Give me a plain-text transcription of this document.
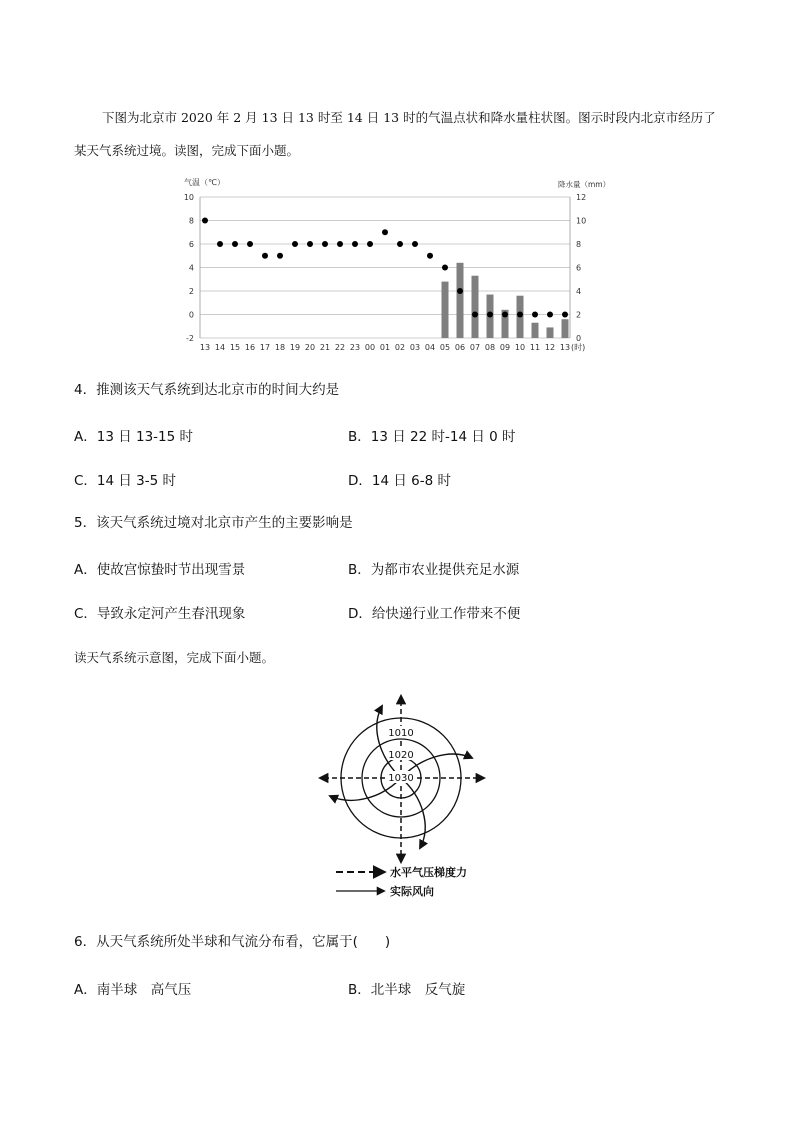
下图为北京市 2020 年 2 月 13 日 13 时至 14 日 13 时的气温点状和降水量柱状图。图示时段内北京市经历了某天气系统过境。读图，完成下面小题。

10
8
6
4
2
0
-2
12
10
8
6
4
2
0
13 14 15 16 17 18 19 20 21 22 23 00 01 02 03 04 05 06 07 08 09 10 11 12 13 (时)
气温（℃）	降水量（mm）

4．推测该天气系统到达北京市的时间大约是

A．13 日 13-15 时	B．13 日 22 时-14 日 0 时
C．14 日 3-5 时	D．14 日 6-8 时

5．该天气系统过境对北京市产生的主要影响是

A．使故宫惊蛰时节出现雪景	B．为都市农业提供充足水源
C．导致永定河产生春汛现象	D．给快递行业工作带来不便

读天气系统示意图，完成下面小题。

1010
1020
1030
水平气压梯度力
实际风向

6．从天气系统所处半球和气流分布看，它属于(　　)

A．南半球　高气压	B．北半球　反气旋
